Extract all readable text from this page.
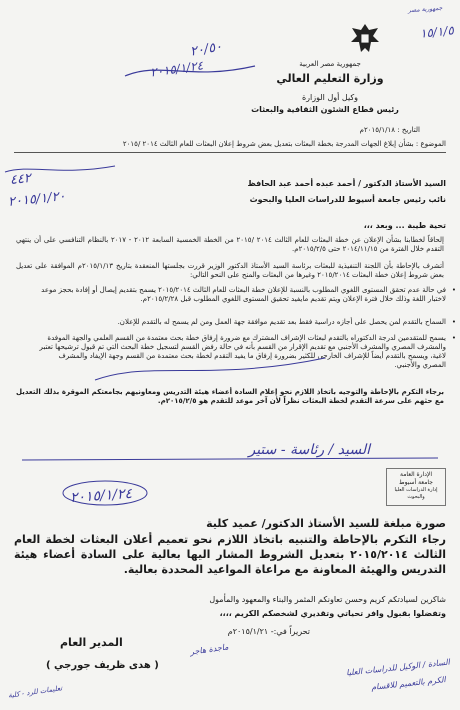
١٥/١/٥
جمهورية مصر
٢٠/٥٠
٢٠١٥/١/٢٤	جمهورية مصر العربية
وزارة التعليم العالي
وكيل أول الوزارة
رئيس قطاع الشئون الثقافية والبعثات
التاريخ : ٢٠١٥/١/١٨م
الموضوع : بشأن إبلاغ الجهات المدرجة بخطة البعثات بتعديل بعض شروط إعلان البعثات للعام الثالث ٢٠١٤ /٢٠١٥
السيد الأستاذ الدكتور / أحمد عبده أحمد عبد الحافظ
نائب رئيس جامعة أسيوط للدراسات العليا والبحوث
٤٤٢
٢٠١٥/١/٢٠
تحية طيبة ... وبعد ،،،
إلحاقاً لخطابنا بشأن الإعلان عن خطة البعثات للعام الثالث ٢٠١٤ /٢٠١٥ من الخطة الخمسية السابعة ٢٠١٢ - ٢٠١٧ بالنظام التنافسي على أن ينتهي التقدم خلال الفترة من ٢٠١٤/١١/١٥ حتى ٢٠١٥/٢/٥م.
أتشرف بالإحاطة بأن اللجنة التنفيذية للبعثات برئاسة السيد الأستاذ الدكتور الوزير قررت بجلستها المنعقدة بتاريخ ٢٠١٥/١/١٣م الموافقة على تعديل بعض شروط إعلان خطة البعثات ٢٠١٥/٢٠١٤ وغيرها من البعثات والمنح على النحو التالي:
• في حالة عدم تحقق المستوى اللغوي المطلوب بالنسبة للإعلان خطة البعثات للعام الثالث ٢٠١٥/٢٠١٤ يسمح بتقديم إيصال أو إفادة بحجز موعد لاختبار اللغة وذلك خلال فترة الإعلان ويتم تقديم مايفيد تحقيق المستوى اللغوي المطلوب قبل ٢٠١٥/٢/٢٨م.
• السماح بالتقدم لمن يحصل على أجازه دراسية فقط بعد تقديم موافقة جهة العمل ومن لم يسمح له بالتقدم للإعلان.
• يسمح للمتقدمين لدرجة الدكتوراه بالتقدم لبعثات الإشراف المشترك مع ضرورة إرفاق خطة بحث معتمدة من القسم العلمي والجهة الموفدة والمشرف المصري والمشرف الأجنبي مع تقديم الإقرار من القسم بأنه في حالة رفض القسم لتسجيل خطة البحث التي تم قبول ترشيحها تعتبر لاغية، ويسمح بالتقدم أيضاً للإشراف الخارجي للكثير بضرورة إرفاق ما يفيد التقدم لخطة بحث معتمدة من القسم وجهة الإيفاد والمشرف المصري والأجنبي.
برجاء التكرم بالإحاطة والتوجيه باتخاذ اللازم نحو إعلام السادة أعضاء هيئة التدريس ومعاونيهم بجامعتكم الموقرة بذلك التعديل مع حثهم على سرعة التقدم لخطة البعثات نظراً لأن آخر موعد للتقدم هو ٢٠١٥/٢/٥م.
السيد / رئاسة - ستير
الإدارة العامة
جامعة أسيوط
إدارة الدراسات العليا والبحوث
٢٠١٥/١/٢٤
صورة مبلغة للسيد الأستاذ الدكتور/ عميد كلية
رجاء التكرم بالإحاطة والتنبيه باتخاذ اللازم نحو تعميم أعلان البعثات لخطة العام الثالث ٢٠١٥/٢٠١٤ بتعديل الشروط المشار اليها بعالية على السادة أعضاء هيئة التدريس والهيئة المعاونة مع مراعاة المواعيد المحددة بعالية.
شاكرين لسيادتكم كريم وحسن تعاونكم المثمر والبناء والمعهود والمأمول
وتفضلوا بقبول وافر تحياتي وتقديري لشخصكم الكريم ،،،،
تحريراً في:- ٢٠١٥/١/٢١م
المدير العام
( هدى ظريف جورجي )
ماجدة هاجر
السادة / الوكيل للدراسات العليا
الكرم بالتعميم للاقسام
تعليمات للرد - كلية
